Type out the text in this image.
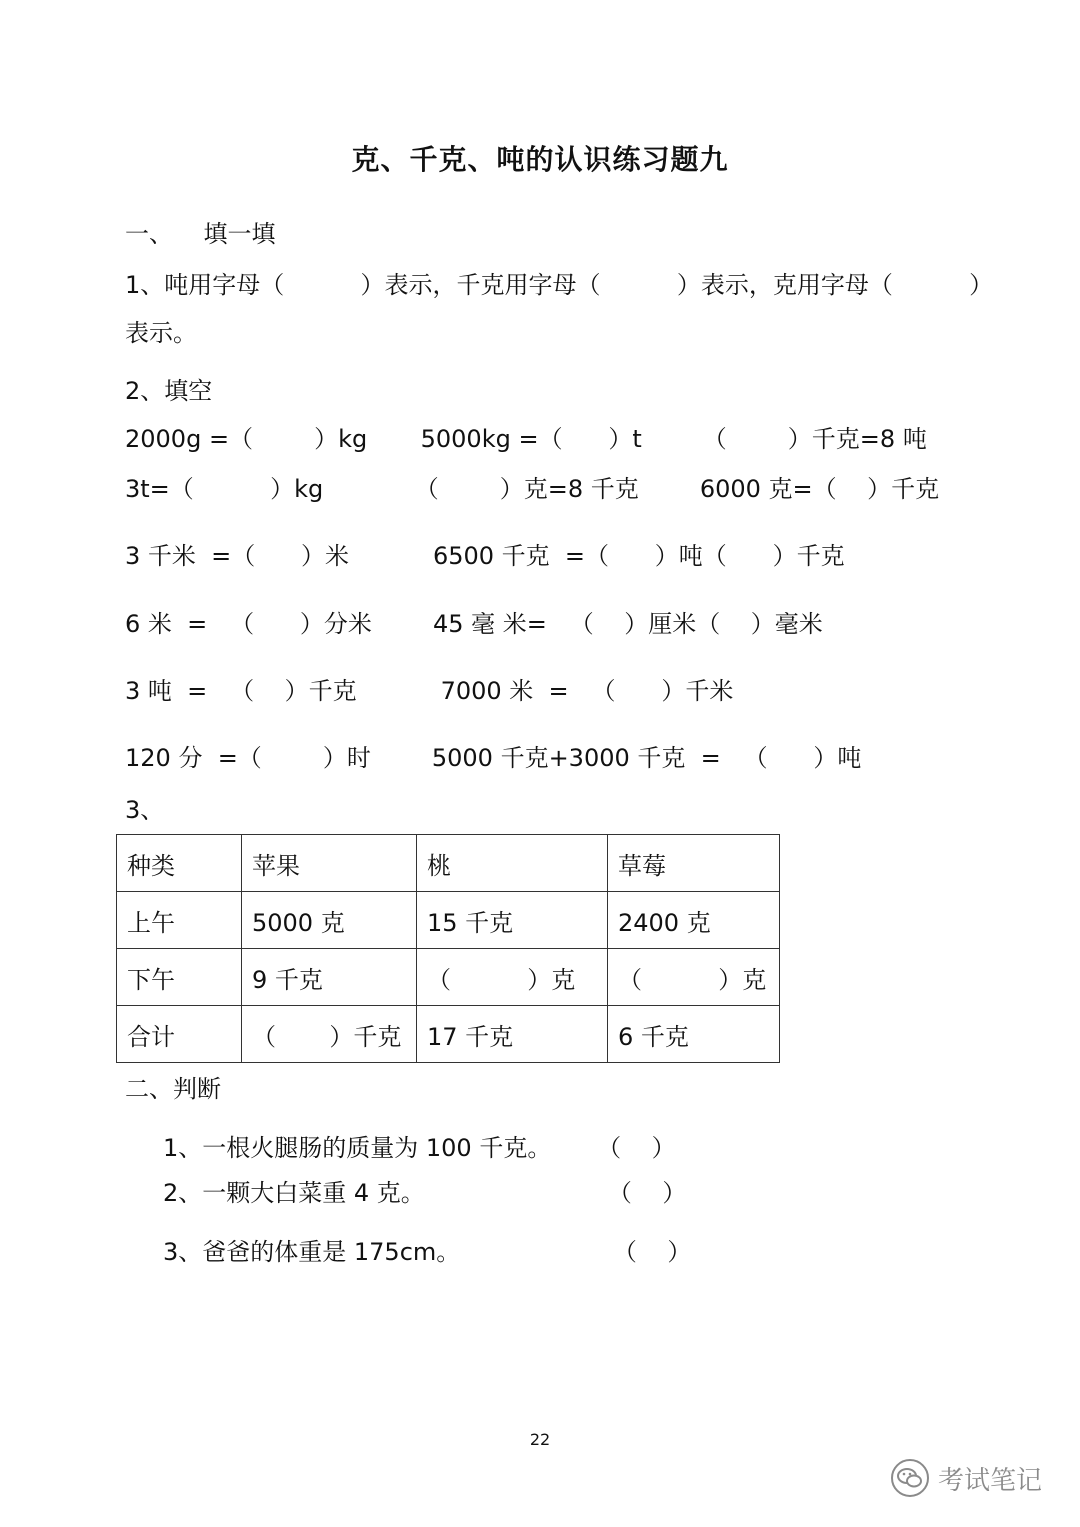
克、千克、吨的认识练习题九
一、    填一填
1、吨用字母（          ）表示，千克用字母（          ）表示，克用字母（          ）
表示。
2、填空
2000g =（        ）kg       5000kg =（      ）t        （        ）千克=8 吨
3t=（          ）kg            （        ）克=8 千克        6000 克=（    ）千克
3 千米  =（      ）米           6500 千克  =（      ）吨（      ）千克
6 米  =   （      ）分米        45 毫 米=   （    ）厘米（    ）毫米
3 吨  =   （    ）千克           7000 米  =   （      ）千米
120 分  =（        ）时        5000 千克+3000 千克  =   （      ）吨
3、
种类	苹果	桃	草莓
上午	5000 克	15 千克	2400 克
下午	9 千克	（          ）克	（          ）克
合计	（       ）千克	17 千克	6 千克
二、判断
1、一根火腿肠的质量为 100 千克。      （    ）
2、一颗大白菜重 4 克。                        （    ）
3、爸爸的体重是 175cm。                    （    ）
22
考试笔记
